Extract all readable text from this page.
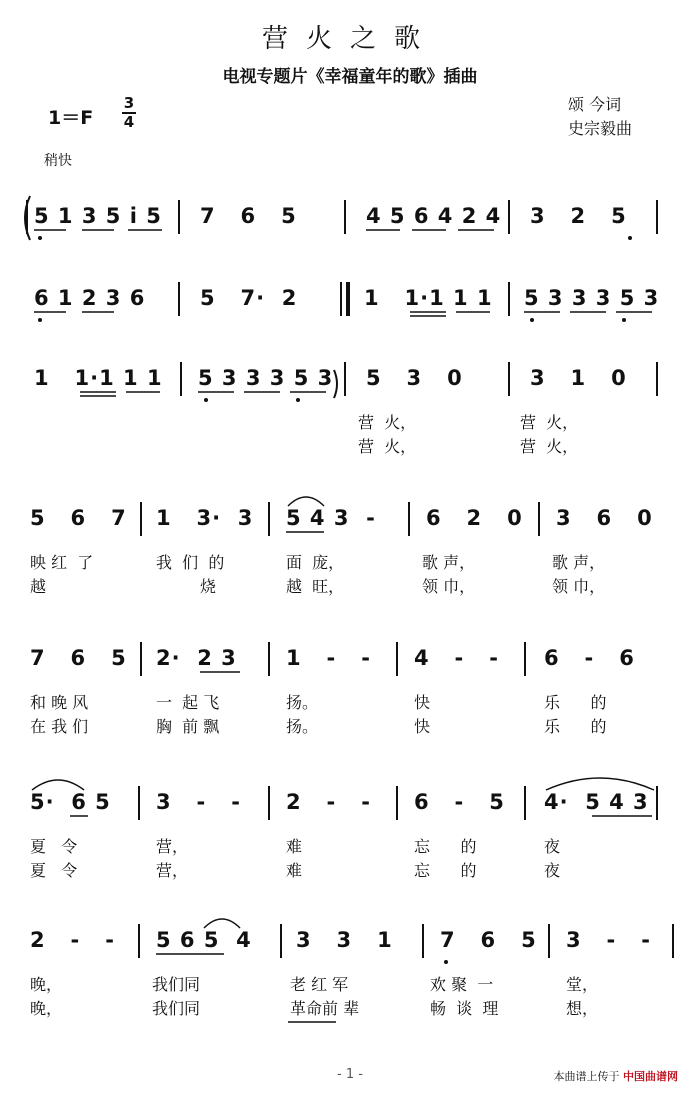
营火之歌
电视专题片《幸福童年的歌》插曲
颂 今词
史宗毅曲
1＝F
3
4
稍快
5 1 3 5 i 5 7   6   5	4 5 6 4 2 4 3   2   5
6 1 2 3 6	5   7·  2	1   1·1 1 1 5 3 3 3 5 3
1   1·1 1 1 5 3 3 3 5 3 5   3   0	3   1   0
营  火，	营  火，
营  火，	营  火，
5   6   7 1   3·  3 5 4 3  - 6   2   0 3   6   0
映 红  了	我  们  的	面  庞，	歌 声，	歌 声，
越	烧	越  旺，	领 巾，	领 巾，
7   6   5 2·  2 3 1   -   - 4   -   - 6   -   6
和 晚 风	一  起 飞	扬。	快	乐      的
在 我 们	胸  前 飘	扬。	快	乐      的
5·  6 5 3   -   - 2   -   - 6   -   5 4·  5 4 3
夏   令	营，	难	忘      的	夜
夏   令	营，	难	忘      的	夜
2   -   - 5 6 5  4 3   3   1 7   6   5 3   -   -
晚，	我们同	老 红 军	欢 聚  一	堂，
晚，	我们同	革命前 辈	畅  谈  理	想，
- 1 -	本曲谱上传于 中国曲谱网
